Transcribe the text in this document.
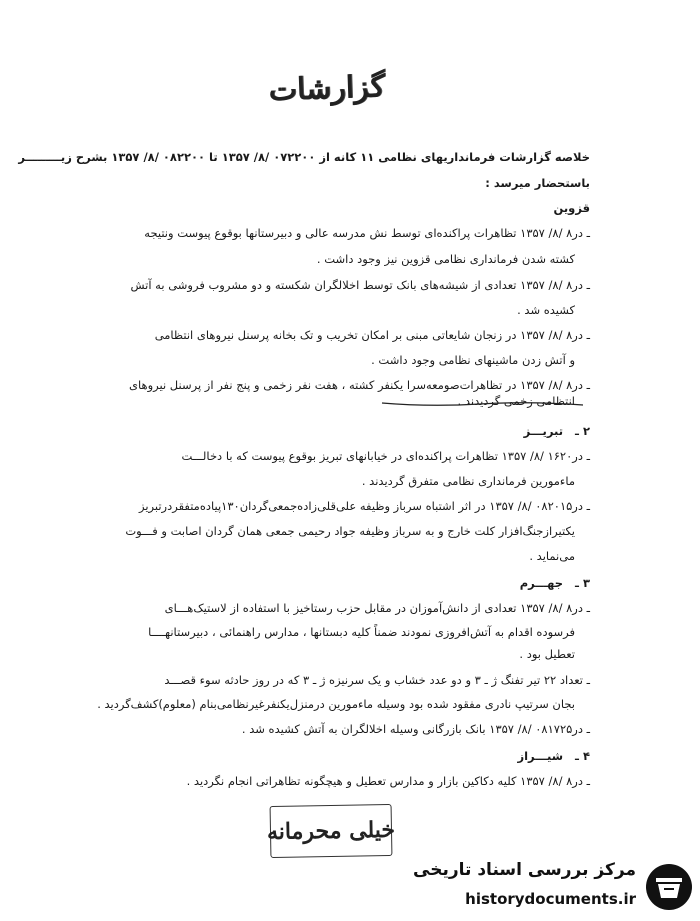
گزارشات
خلاصه گزارشات فرمانداریهای نظامی ۱۱ کانه از ۰۷۲۲۰۰ /۸/ ۱۳۵۷ تا ۰۸۲۲۰۰ /۸/ ۱۳۵۷ بشرح زیـــــــــر
باستحضار میرسد :
قزوین
ـ در۸ /۸/ ۱۳۵۷ تظاهرات پراکنده‌ای توسط نش مدرسه عالی و دبیرستانها بوقوع پیوست ونتیجه
کشته شدن فرمانداری نظامی قزوین نیز وجود داشت .
ـ در۸ /۸/ ۱۳۵۷ تعدادی از شیشه‌های بانک توسط اخلالگران شکسته و دو مشروب فروشی به آتش
کشیده شد .
ـ در۸ /۸/ ۱۳۵۷ در زنجان شایعاتی مبنی بر امکان تخریب و تک بخانه پرسنل نیروهای انتظامی
و آتش زدن ماشینهای نظامی وجود داشت .
ـ در۸ /۸/ ۱۳۵۷ در تظاهرات‌صومعه‌سرا یکنفر کشته ، هفت نفر زخمی و پنج نفر از پرسنل نیروهای
انتظامی زخمی گردیدند .
۲ ـ   تبریـــز
ـ در۱۶۲۰ /۸/ ۱۳۵۷ تظاهرات پراکنده‌ای در خیابانهای تبریز بوقوع پیوست که با دخالـــت
ماءمورین فرمانداری نظامی متفرق گردیدند .
ـ در۰۸۲۰۱۵ /۸/ ۱۳۵۷ در اثر اشتباه سرباز وظیفه علی‌قلی‌زاده‌جمعی‌گردان۱۳۰پیاده‌متفقردرتبریز
یکتیرازجنگ‌افزار کلت خارج و به سرباز وظیفه جواد رحیمی جمعی همان گردان اصابت و فـــوت
می‌نماید .
۳ ـ   جهـــرم
ـ در۸ /۸/ ۱۳۵۷ تعدادی از دانش‌آموزان در مقابل حزب رستاخیز با استفاده از لاستیک‌هـــای
فرسوده اقدام به آتش‌افروزی نمودند ضمناً کلیه دبستانها ، مدارس راهنمائی ، دبیرستانهــــا
تعطیل بود .
ـ تعداد ۲۲ تیر تفنگ ژ ـ ۳ و دو عدد خشاب و یک سرنیزه ژ ـ ۳ که در روز حادثه سوء قصـــد
بجان سرتیپ نادری مفقود شده بود وسیله ماءمورین درمنزل‌یکنفرغیرنظامی‌بنام (معلوم)کشف‌گردید .
ـ در۰۸۱۷۲۵ /۸/ ۱۳۵۷ بانک بازرگانی وسیله اخلالگران به آتش کشیده شد .
۴ ـ   شیـــراز
ـ در۸ /۸/ ۱۳۵۷ کلیه دکاکین بازار و مدارس تعطیل و هیچگونه تظاهراتی انجام نگردید .
خیلی محرمانه
مرکز بررسی اسناد تاریخی
historydocuments.ir
